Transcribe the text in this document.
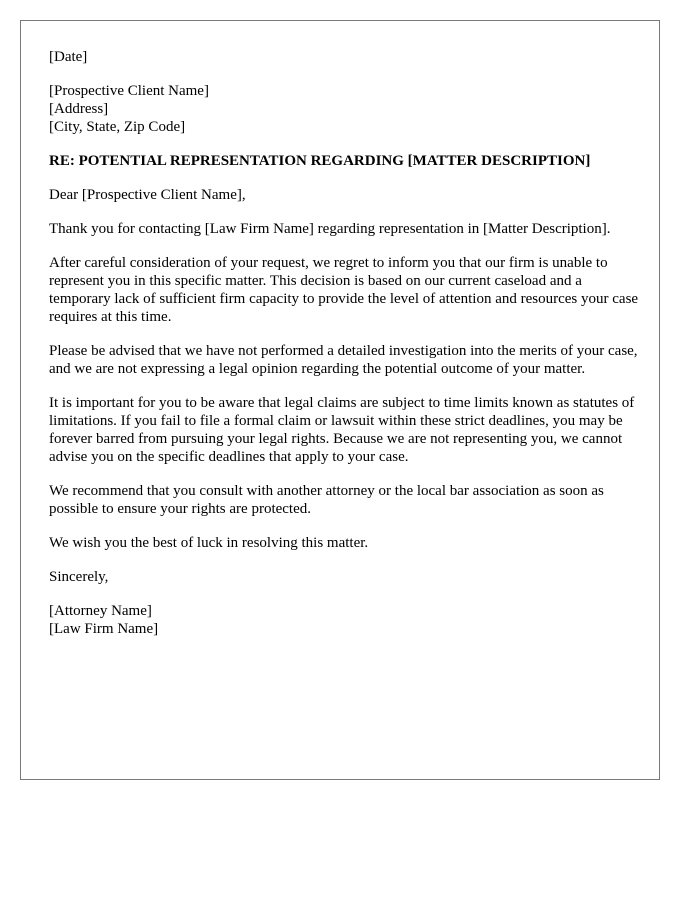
[Date]
[Prospective Client Name]
[Address]
[City, State, Zip Code]

RE: POTENTIAL REPRESENTATION REGARDING [MATTER DESCRIPTION]

Dear [Prospective Client Name],

Thank you for contacting [Law Firm Name] regarding representation in [Matter Description].

After careful consideration of your request, we regret to inform you that our firm is unable to represent you in this specific matter. This decision is based on our current caseload and a temporary lack of sufficient firm capacity to provide the level of attention and resources your case requires at this time.

Please be advised that we have not performed a detailed investigation into the merits of your case, and we are not expressing a legal opinion regarding the potential outcome of your matter.

It is important for you to be aware that legal claims are subject to time limits known as statutes of limitations. If you fail to file a formal claim or lawsuit within these strict deadlines, you may be forever barred from pursuing your legal rights. Because we are not representing you, we cannot advise you on the specific deadlines that apply to your case.

We recommend that you consult with another attorney or the local bar association as soon as possible to ensure your rights are protected.

We wish you the best of luck in resolving this matter.

Sincerely,

[Attorney Name]
[Law Firm Name]
